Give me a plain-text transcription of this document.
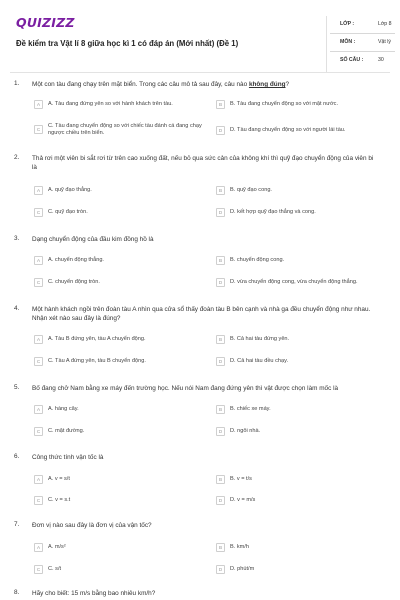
QUIZIZZ
Đề kiểm tra Vật lí 8 giữa học kì 1 có đáp án (Mới nhất) (Đề 1)
LỚP :	Lớp 8
MÔN :	Vật lý
SỐ CÂU :	30
1. Một con tàu đang chạy trên mặt biển. Trong các câu mô tả sau đây, câu nào không đúng?
A	A. Tàu đang đứng yên so với hành khách trên tàu.	B	B. Tàu đang chuyển động so với mặt nước.
C
C. Tàu đang chuyển động so với chiếc tàu đánh cá đang chạy ngược chiều trên biển.	D	D. Tàu đang chuyển động so với người lái tàu.
2. Thả rơi một viên bi sắt rơi từ trên cao xuống đất, nếu bỏ qua sức cản của không khí thì quỹ đạo chuyển động của viên bi là
A	A. quỹ đạo thẳng.	B	B. quỹ đạo cong.
C	C. quỹ đạo tròn.	D	D. kết hợp quỹ đạo thẳng và cong.
3. Dạng chuyển động của đầu kim đồng hồ là
A	A. chuyển động thẳng.	B	B. chuyển động cong.
C	C. chuyển động tròn.	D	D. vừa chuyển động cong, vừa chuyển động thẳng.
4. Một hành khách ngồi trên đoàn tàu A nhìn qua cửa sổ thấy đoàn tàu B bên cạnh và nhà ga đều chuyển động như nhau. Nhận xét nào sau đây là đúng?
A	A. Tàu B đứng yên, tàu A chuyển động.	B	B. Cả hai tàu đứng yên.
C	C. Tàu A đứng yên, tàu B chuyển động.	D	D. Cả hai tàu đều chạy.
5. Bố đang chở Nam bằng xe máy đến trường học. Nếu nói Nam đang đứng yên thì vật được chọn làm mốc là
A	A. hàng cây.	B	B. chiếc xe máy.
C	C. mặt đường.	D	D. ngôi nhà.
6. Công thức tính vận tốc là
A	A. v = s/t	B	B. v = t/s
C	C. v = s.t	D	D. v = m/s
7. Đơn vị nào sau đây là đơn vị của vận tốc?
A	A. m/s²	B	B. km/h
C	C. s/t	D	D. phút/m
8. Hãy cho biết: 15 m/s bằng bao nhiêu km/h?
